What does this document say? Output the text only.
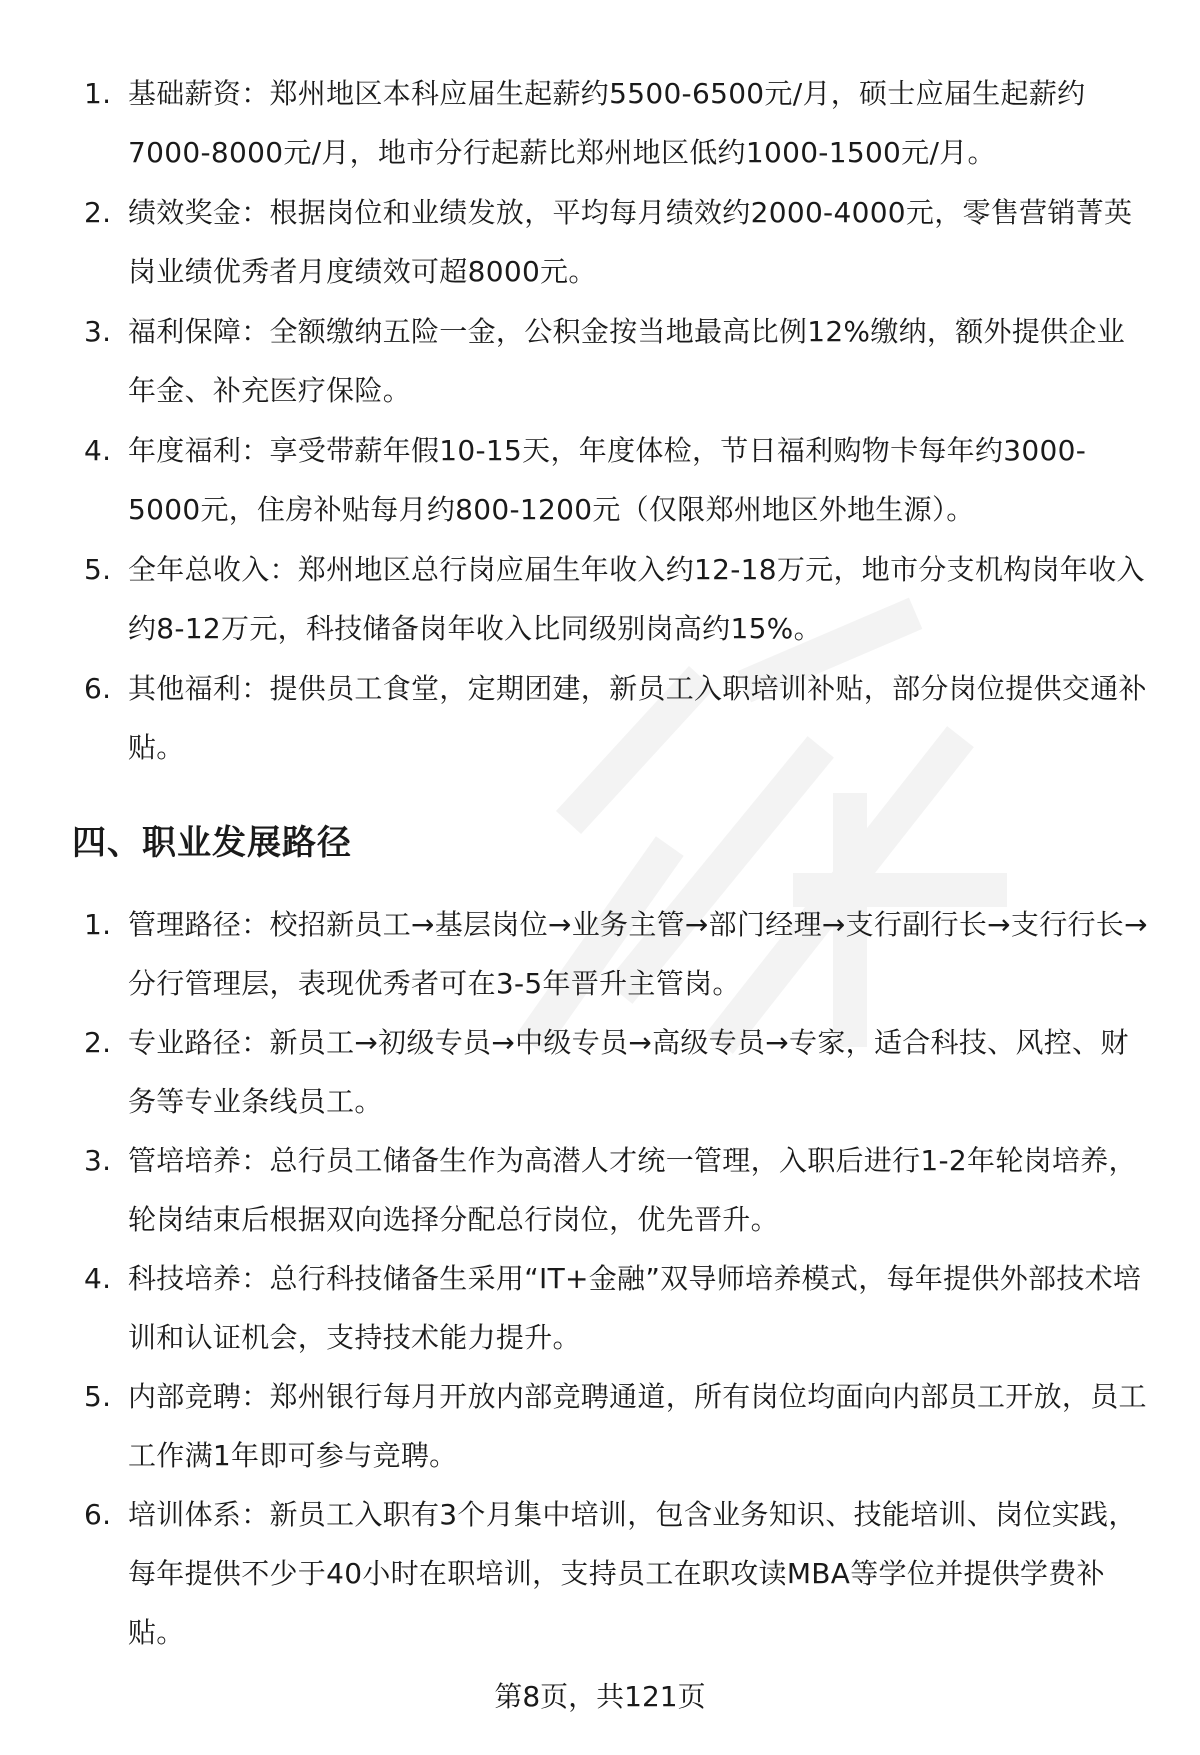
1. 基础薪资：郑州地区本科应届生起薪约5500-6500元/月，硕士应届生起薪约7000-8000元/月，地市分行起薪比郑州地区低约1000-1500元/月。
2. 绩效奖金：根据岗位和业绩发放，平均每月绩效约2000-4000元，零售营销菁英岗业绩优秀者月度绩效可超8000元。
3. 福利保障：全额缴纳五险一金，公积金按当地最高比例12%缴纳，额外提供企业年金、补充医疗保险。
4. 年度福利：享受带薪年假10-15天，年度体检，节日福利购物卡每年约3000-5000元，住房补贴每月约800-1200元（仅限郑州地区外地生源）。
5. 全年总收入：郑州地区总行岗应届生年收入约12-18万元，地市分支机构岗年收入约8-12万元，科技储备岗年收入比同级别岗高约15%。
6. 其他福利：提供员工食堂，定期团建，新员工入职培训补贴，部分岗位提供交通补贴。
四、职业发展路径
1. 管理路径：校招新员工→基层岗位→业务主管→部门经理→支行副行长→支行行长→分行管理层，表现优秀者可在3-5年晋升主管岗。
2. 专业路径：新员工→初级专员→中级专员→高级专员→专家，适合科技、风控、财务等专业条线员工。
3. 管培培养：总行员工储备生作为高潜人才统一管理，入职后进行1-2年轮岗培养，轮岗结束后根据双向选择分配总行岗位，优先晋升。
4. 科技培养：总行科技储备生采用“IT+金融”双导师培养模式，每年提供外部技术培训和认证机会，支持技术能力提升。
5. 内部竞聘：郑州银行每月开放内部竞聘通道，所有岗位均面向内部员工开放，员工工作满1年即可参与竞聘。
6. 培训体系：新员工入职有3个月集中培训，包含业务知识、技能培训、岗位实践，每年提供不少于40小时在职培训，支持员工在职攻读MBA等学位并提供学费补贴。
第8页，共121页
